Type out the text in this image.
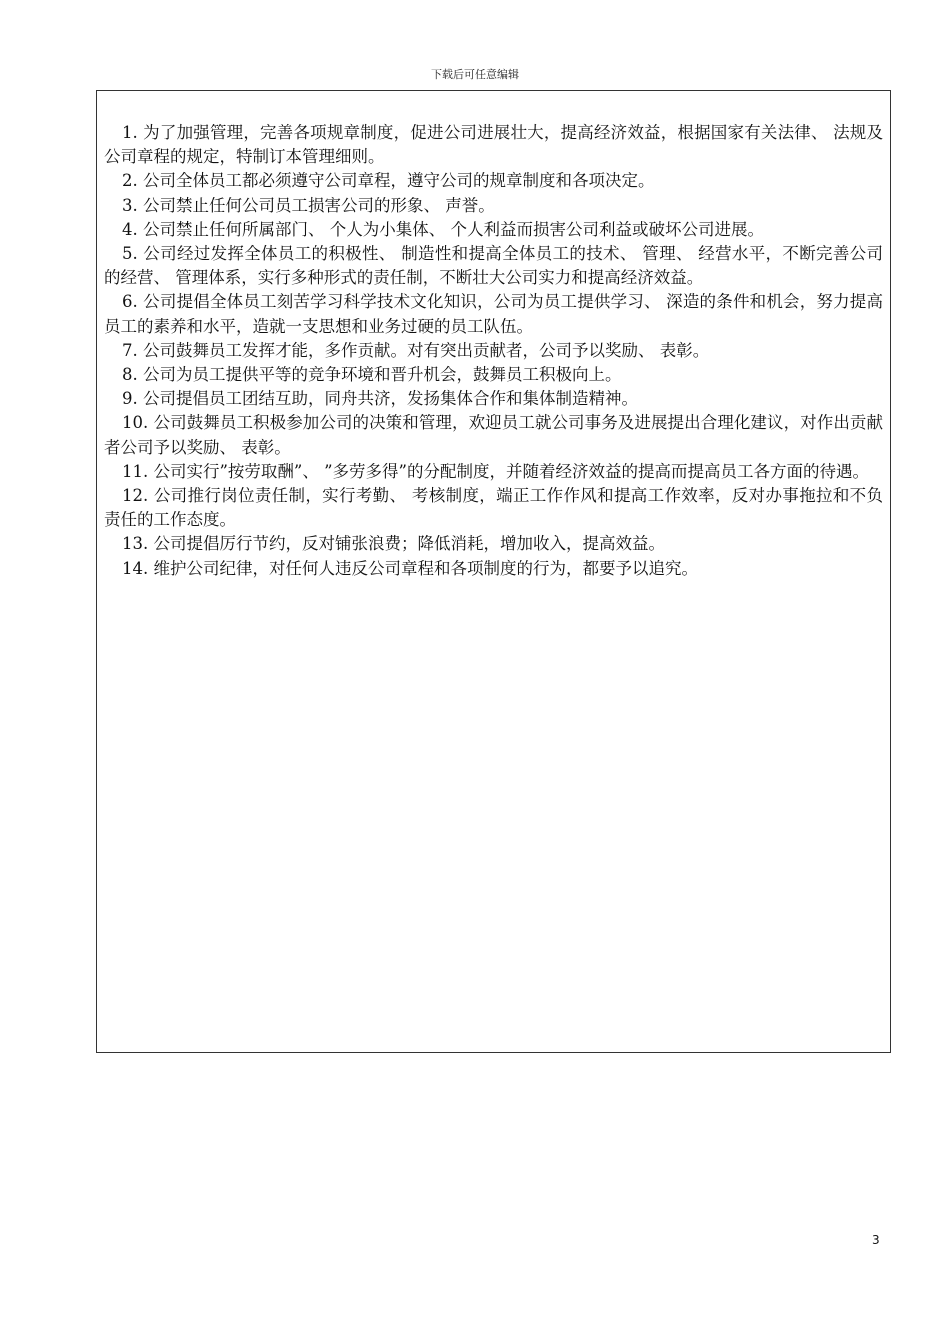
下载后可任意编辑

1. 为了加强管理，完善各项规章制度，促进公司进展壮大，提高经济效益，根据国家有关法律、 法规及公司章程的规定，特制订本管理细则。

2. 公司全体员工都必须遵守公司章程，遵守公司的规章制度和各项决定。

3. 公司禁止任何公司员工损害公司的形象、 声誉。

4. 公司禁止任何所属部门、 个人为小集体、 个人利益而损害公司利益或破坏公司进展。

5. 公司经过发挥全体员工的积极性、 制造性和提高全体员工的技术、 管理、 经营水平，不断完善公司的经营、 管理体系，实行多种形式的责任制，不断壮大公司实力和提高经济效益。

6. 公司提倡全体员工刻苦学习科学技术文化知识，公司为员工提供学习、 深造的条件和机会，努力提高员工的素养和水平，造就一支思想和业务过硬的员工队伍。

7. 公司鼓舞员工发挥才能，多作贡献。对有突出贡献者，公司予以奖励、 表彰。

8. 公司为员工提供平等的竞争环境和晋升机会，鼓舞员工积极向上。

9. 公司提倡员工团结互助，同舟共济，发扬集体合作和集体制造精神。

10. 公司鼓舞员工积极参加公司的决策和管理，欢迎员工就公司事务及进展提出合理化建议，对作出贡献者公司予以奖励、 表彰。

11. 公司实行”按劳取酬”、 ”多劳多得”的分配制度，并随着经济效益的提高而提高员工各方面的待遇。

12. 公司推行岗位责任制，实行考勤、 考核制度，端正工作作风和提高工作效率，反对办事拖拉和不负责任的工作态度。

13. 公司提倡厉行节约，反对铺张浪费；降低消耗，增加收入，提高效益。

14. 维护公司纪律，对任何人违反公司章程和各项制度的行为，都要予以追究。

3
